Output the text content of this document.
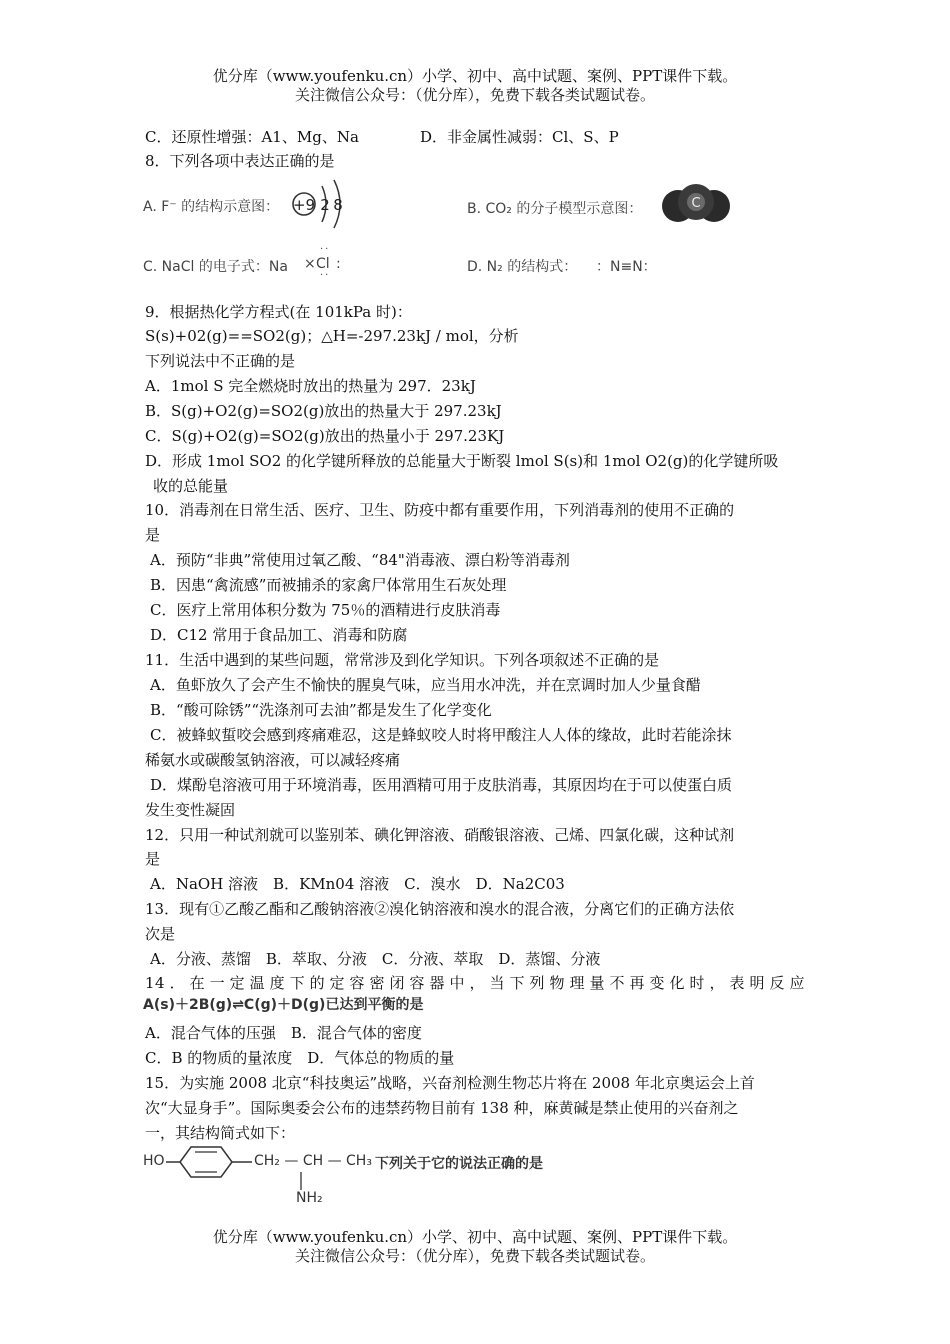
优分库（www.youfenku.cn）小学、初中、高中试题、案例、PPT课件下载。
关注微信公众号：（优分库），免费下载各类试题试卷。
C．还原性增强：A1、Mg、Na	D．非金属性减弱：Cl、S、P
8．下列各项中表达正确的是
A. F⁻ 的结构示意图： +9 2 8	B. CO₂ 的分子模型示意图：	C
C. NaCl 的电子式：Na × Cl
··
··
:	D. N₂ 的结构式： ：N≡N：
9．根据热化学方程式(在 101kPa 时)：
S(s)+02(g)==SO2(g)；△H=-297.23kJ / mol，分析
下列说法中不正确的是
A．1mol S 完全燃烧时放出的热量为 297．23kJ
B．S(g)+O2(g)=SO2(g)放出的热量大于 297.23kJ
C．S(g)+O2(g)=SO2(g)放出的热量小于 297.23KJ
D．形成 1mol SO2 的化学键所释放的总能量大于断裂 lmol S(s)和 1mol O2(g)的化学键所吸
收的总能量
10．消毒剂在日常生活、医疗、卫生、防疫中都有重要作用，下列消毒剂的使用不正确的
是
A．预防“非典”常使用过氧乙酸、“84"消毒液、漂白粉等消毒剂
B．因患“禽流感”而被捕杀的家禽尸体常用生石灰处理
C．医疗上常用体积分数为 75％的酒精进行皮肤消毒
D．C12 常用于食品加工、消毒和防腐
11．生活中遇到的某些问题，常常涉及到化学知识。下列各项叙述不正确的是
A．鱼虾放久了会产生不愉快的腥臭气味，应当用水冲洗，并在烹调时加人少量食醋
B．“酸可除锈”“洗涤剂可去油”都是发生了化学变化
C．被蜂蚁蜇咬会感到疼痛难忍，这是蜂蚁咬人时将甲酸注人人体的缘故，此时若能涂抹
稀氨水或碳酸氢钠溶液，可以减轻疼痛
D．煤酚皂溶液可用于环境消毒，医用酒精可用于皮肤消毒，其原因均在于可以使蛋白质
发生变性凝固
12．只用一种试剂就可以鉴别苯、碘化钾溶液、硝酸银溶液、己烯、四氯化碳，这种试剂
是
A．NaOH 溶液　B．KMn04 溶液　C．溴水　D．Na2C03
13．现有①乙酸乙酯和乙酸钠溶液②溴化钠溶液和溴水的混合液，分离它们的正确方法依
次是
A．分液、蒸馏　B．萃取、分液　C．分液、萃取　D．蒸馏、分液
14．在一定温度下的定容密闭容器中，当下列物理量不再变化时，表明反应
A(s)＋2B(g)⇌C(g)＋D(g)已达到平衡的是
A．混合气体的压强　B．混合气体的密度
C．B 的物质的量浓度　D．气体总的物质的量
15．为实施 2008 北京“科技奥运”战略，兴奋剂检测生物芯片将在 2008 年北京奥运会上首
次“大显身手”。国际奥委会公布的违禁药物目前有 138 种，麻黄碱是禁止使用的兴奋剂之
一，其结构简式如下：
HO	CH₂ — CH — CH₃
NH₂
下列关于它的说法正确的是
优分库（www.youfenku.cn）小学、初中、高中试题、案例、PPT课件下载。
关注微信公众号：（优分库），免费下载各类试题试卷。
